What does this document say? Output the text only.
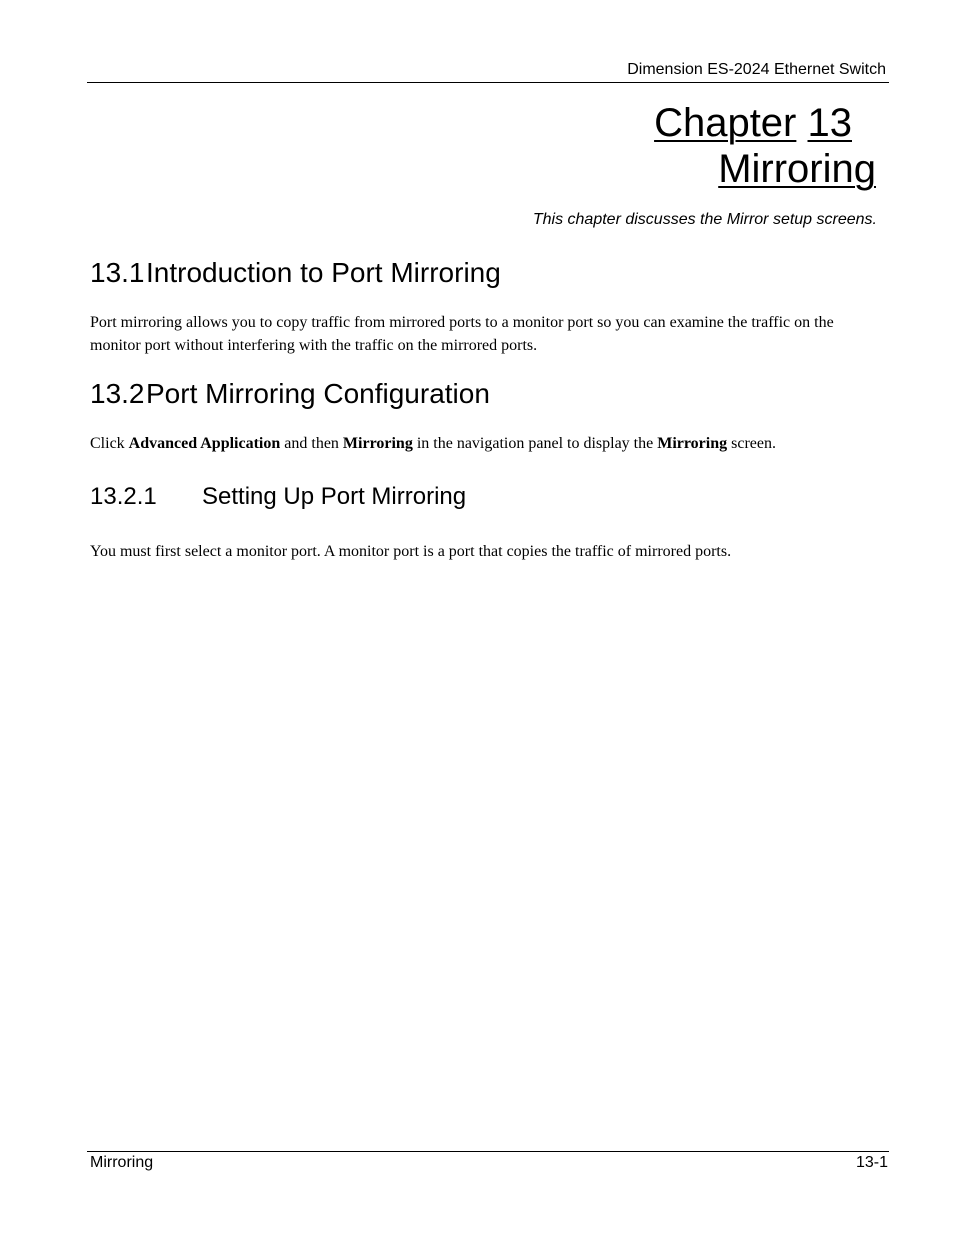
Dimension ES-2024 Ethernet Switch
Chapter 13
Mirroring
This chapter discusses the Mirror setup screens.
13.1Introduction to Port Mirroring
Port mirroring allows you to copy traffic from mirrored ports to a monitor port so you can examine the traffic on the monitor port without interfering with the traffic on the mirrored ports.
13.2Port Mirroring Configuration
Click Advanced Application and then Mirroring in the navigation panel to display the Mirroring screen.
13.2.1 Setting Up Port Mirroring
You must first select a monitor port. A monitor port is a port that copies the traffic of mirrored ports.
Mirroring	13-1
